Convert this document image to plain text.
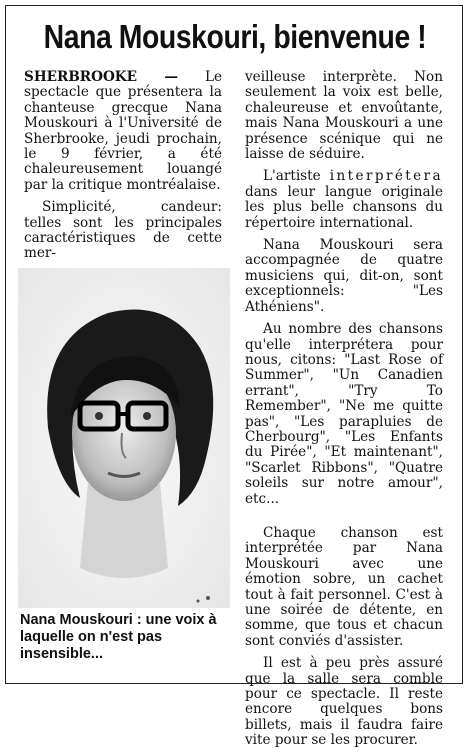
Nana Mouskouri, bienvenue !

SHERBROOKE — Le spectacle que présentera la chanteuse grecque Nana Mouskouri à l'Université de Sherbrooke, jeudi prochain, le 9 février, a été chaleureusement louangé par la critique montréalaise.

Simplicité, candeur: telles sont les principales caractéristiques de cette mer-

Nana Mouskouri : une voix à laquelle on n'est pas insensible...

veilleuse interprète. Non seulement la voix est belle, chaleureuse et envoûtante, mais Nana Mouskouri a une présence scénique qui ne laisse de séduire.

L'artiste interprétera dans leur langue originale les plus belle chansons du répertoire international.

Nana Mouskouri sera accompagnée de quatre musiciens qui, dit-on, sont exceptionnels: "Les Athéniens".

Au nombre des chansons qu'elle interprétera pour nous, citons: "Last Rose of Summer", "Un Canadien errant", "Try To Remember", "Ne me quitte pas", "Les parapluies de Cherbourg", "Les Enfants du Pirée", "Et maintenant", "Scarlet Ribbons", "Quatre soleils sur notre amour", etc...

Chaque chanson est interprétée par Nana Mouskouri avec une émotion sobre, un cachet tout à fait personnel. C'est à une soirée de détente, en somme, que tous et chacun sont conviés d'assister.

Il est à peu près assuré que la salle sera comble pour ce spectacle. Il reste encore quelques bons billets, mais il faudra faire vite pour se les procurer.
